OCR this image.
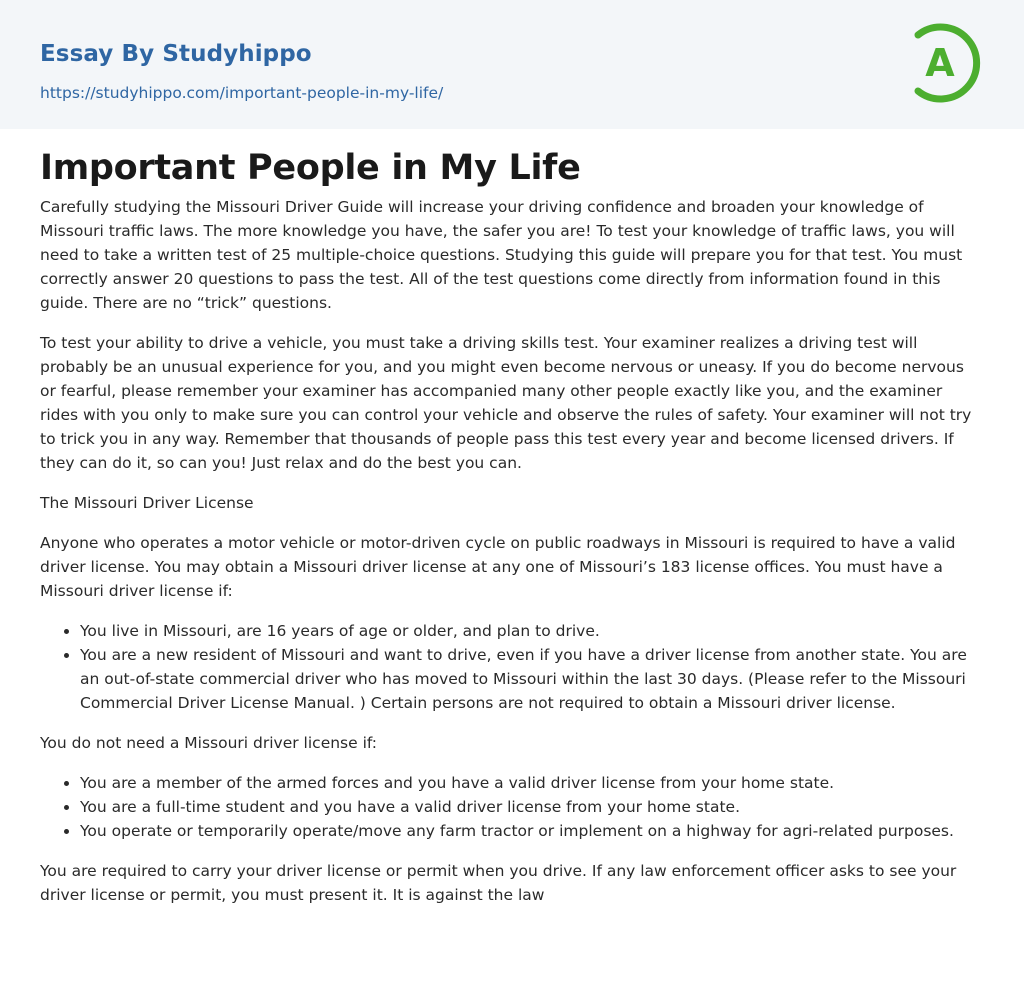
Essay By Studyhippo
https://studyhippo.com/important-people-in-my-life/
A
Important People in My Life

Carefully studying the Missouri Driver Guide will increase your driving confidence and broaden your knowledge of Missouri traffic laws. The more knowledge you have, the safer you are! To test your knowledge of traffic laws, you will need to take a written test of 25 multiple-choice questions. Studying this guide will prepare you for that test. You must correctly answer 20 questions to pass the test. All of the test questions come directly from information found in this guide. There are no “trick” questions.

To test your ability to drive a vehicle, you must take a driving skills test. Your examiner realizes a driving test will probably be an unusual experience for you, and you might even become nervous or uneasy. If you do become nervous or fearful, please remember your examiner has accompanied many other people exactly like you, and the examiner rides with you only to make sure you can control your vehicle and observe the rules of safety. Your examiner will not try to trick you in any way. Remember that thousands of people pass this test every year and become licensed drivers. If they can do it, so can you! Just relax and do the best you can.

The Missouri Driver License

Anyone who operates a motor vehicle or motor-driven cycle on public roadways in Missouri is required to have a valid driver license. You may obtain a Missouri driver license at any one of Missouri’s 183 license offices. You must have a Missouri driver license if:

• You live in Missouri, are 16 years of age or older, and plan to drive.
• You are a new resident of Missouri and want to drive, even if you have a driver license from another state. You are an out-of-state commercial driver who has moved to Missouri within the last 30 days. (Please refer to the Missouri Commercial Driver License Manual. ) Certain persons are not required to obtain a Missouri driver license.

You do not need a Missouri driver license if:

• You are a member of the armed forces and you have a valid driver license from your home state.
• You are a full-time student and you have a valid driver license from your home state.
• You operate or temporarily operate/move any farm tractor or implement on a highway for agri-related purposes.

You are required to carry your driver license or permit when you drive. If any law enforcement officer asks to see your driver license or permit, you must present it. It is against the law
